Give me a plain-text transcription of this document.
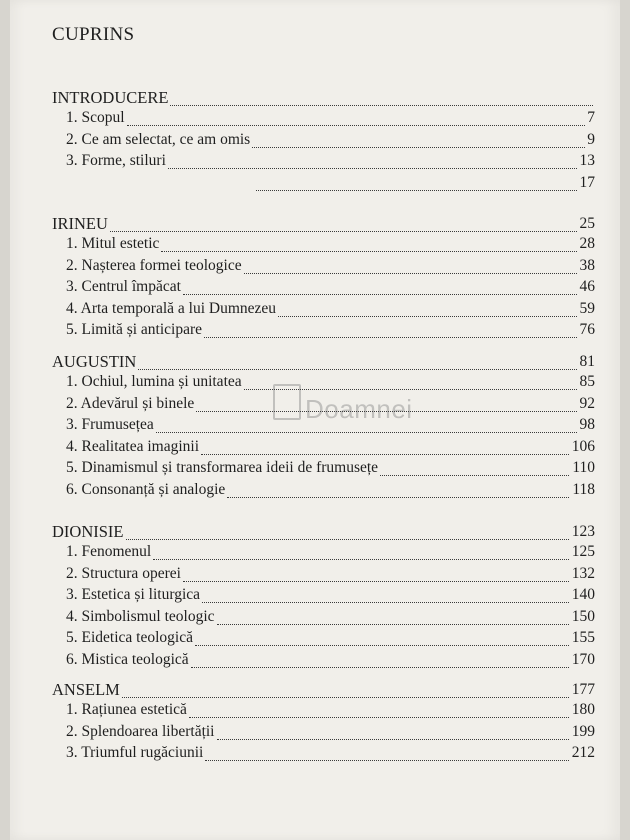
CUPRINS
Doamnei
INTRODUCERE
1. Scopul	7
2. Ce am selectat, ce am omis	9
3. Forme, stiluri	13
17
IRINEU	25
1. Mitul estetic	28
2. Nașterea formei teologice	38
3. Centrul împăcat	46
4. Arta temporală a lui Dumnezeu	59
5. Limită și anticipare	76
AUGUSTIN	81
1. Ochiul, lumina și unitatea	85
2. Adevărul și binele	92
3. Frumusețea	98
4. Realitatea imaginii	106
5. Dinamismul și transformarea ideii de frumusețe	110
6. Consonanță și analogie	118
DIONISIE	123
1. Fenomenul	125
2. Structura operei	132
3. Estetica și liturgica	140
4. Simbolismul teologic	150
5. Eidetica teologică	155
6. Mistica teologică	170
ANSELM	177
1. Rațiunea estetică	180
2. Splendoarea libertății	199
3. Triumful rugăciunii	212
